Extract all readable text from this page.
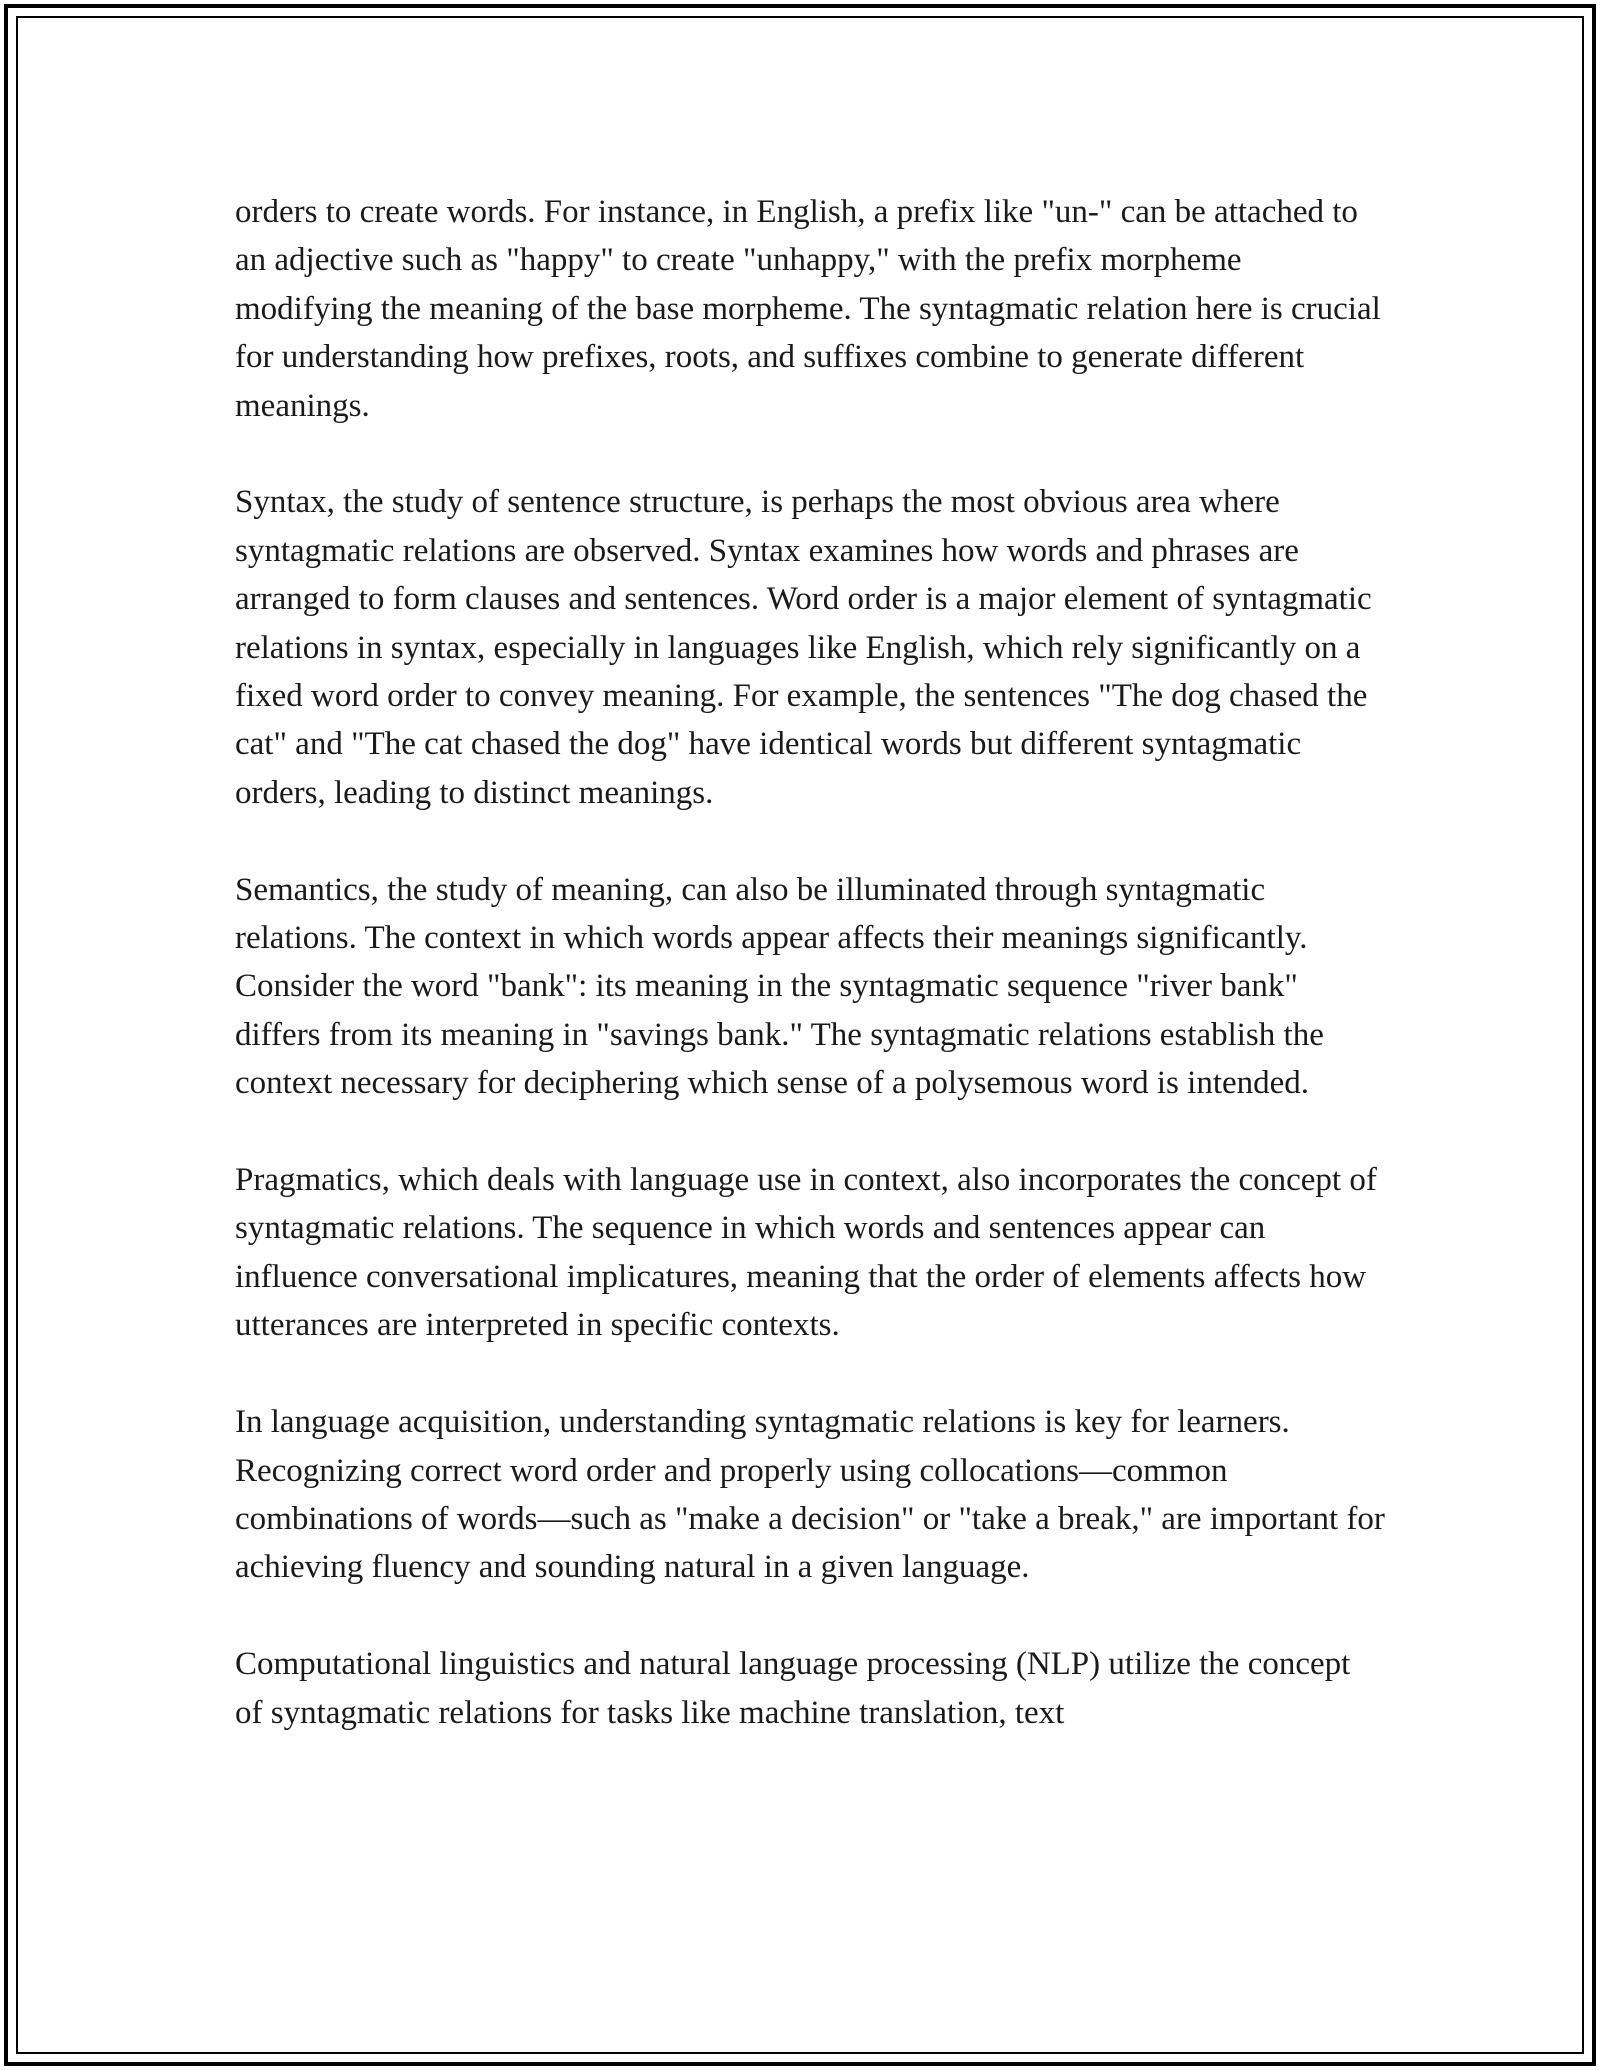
orders to create words. For instance, in English, a prefix like "un-" can be attached to an adjective such as "happy" to create "unhappy," with the prefix morpheme modifying the meaning of the base morpheme. The syntagmatic relation here is crucial for understanding how prefixes, roots, and suffixes combine to generate different meanings.

Syntax, the study of sentence structure, is perhaps the most obvious area where syntagmatic relations are observed. Syntax examines how words and phrases are arranged to form clauses and sentences. Word order is a major element of syntagmatic relations in syntax, especially in languages like English, which rely significantly on a fixed word order to convey meaning. For example, the sentences "The dog chased the cat" and "The cat chased the dog" have identical words but different syntagmatic orders, leading to distinct meanings.

Semantics, the study of meaning, can also be illuminated through syntagmatic relations. The context in which words appear affects their meanings significantly. Consider the word "bank": its meaning in the syntagmatic sequence "river bank" differs from its meaning in "savings bank." The syntagmatic relations establish the context necessary for deciphering which sense of a polysemous word is intended.

Pragmatics, which deals with language use in context, also incorporates the concept of syntagmatic relations. The sequence in which words and sentences appear can influence conversational implicatures, meaning that the order of elements affects how utterances are interpreted in specific contexts.

In language acquisition, understanding syntagmatic relations is key for learners. Recognizing correct word order and properly using collocations—common combinations of words—such as "make a decision" or "take a break," are important for achieving fluency and sounding natural in a given language.

Computational linguistics and natural language processing (NLP) utilize the concept of syntagmatic relations for tasks like machine translation, text
